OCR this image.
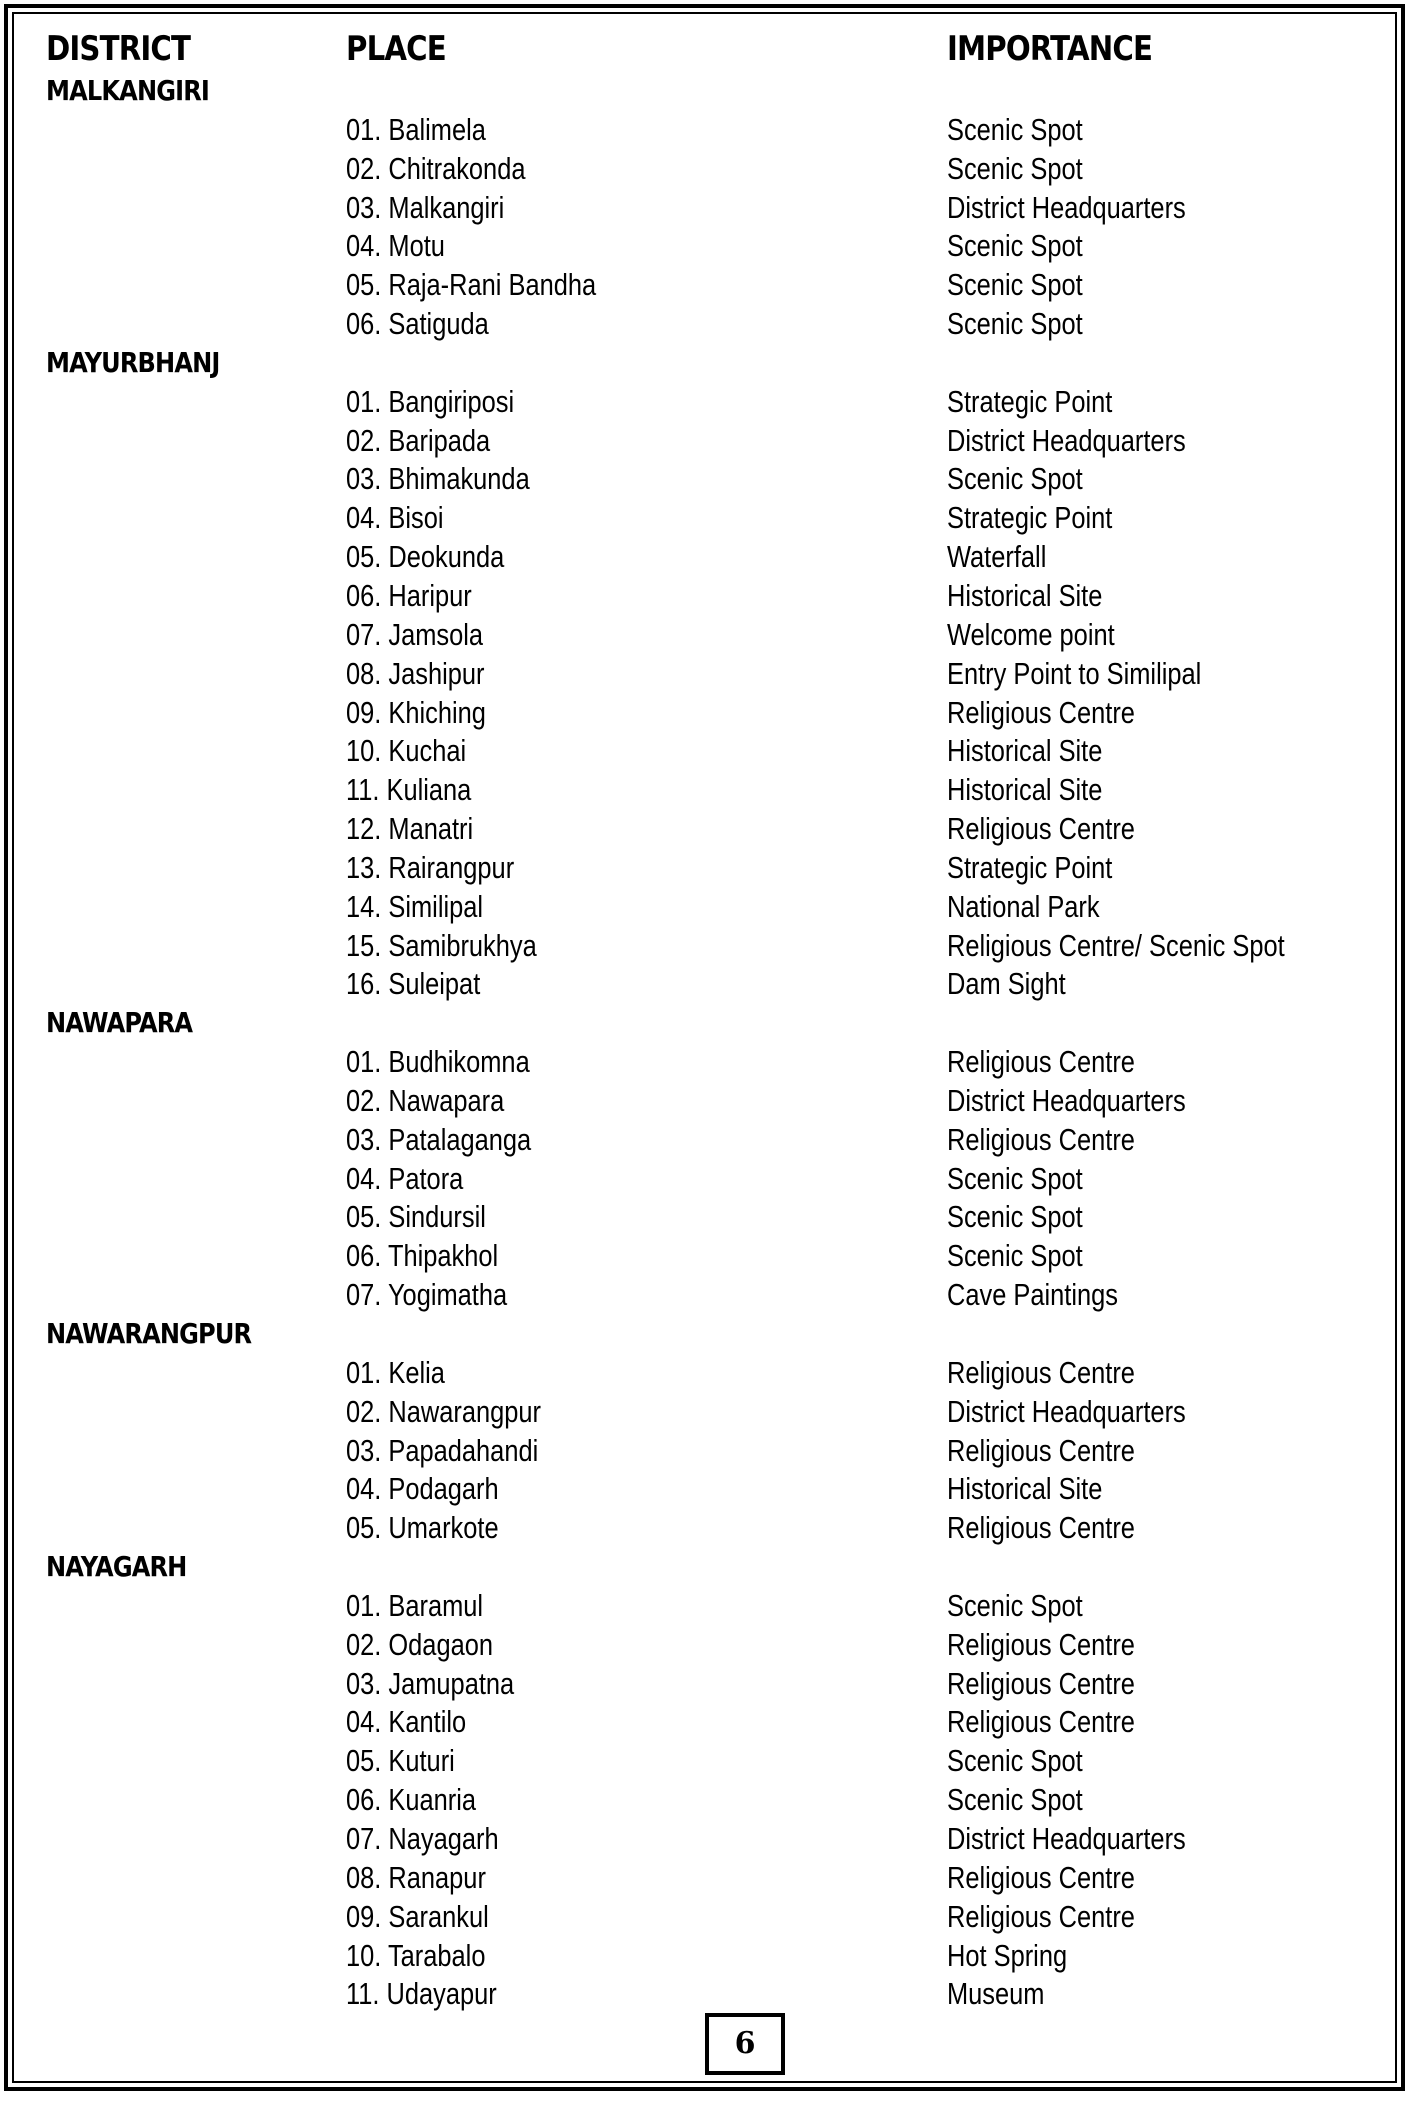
DISTRICT	PLACE	IMPORTANCE
MALKANGIRI
01. Balimela	Scenic Spot
02. Chitrakonda	Scenic Spot
03. Malkangiri	District Headquarters
04. Motu	Scenic Spot
05. Raja-Rani Bandha	Scenic Spot
06. Satiguda	Scenic Spot
MAYURBHANJ
01. Bangiriposi	Strategic Point
02. Baripada	District Headquarters
03. Bhimakunda	Scenic Spot
04. Bisoi	Strategic Point
05. Deokunda	Waterfall
06. Haripur	Historical Site
07. Jamsola	Welcome point
08. Jashipur	Entry Point to Similipal
09. Khiching	Religious Centre
10. Kuchai	Historical Site
11. Kuliana	Historical Site
12. Manatri	Religious Centre
13. Rairangpur	Strategic Point
14. Similipal	National Park
15. Samibrukhya	Religious Centre/ Scenic Spot
16. Suleipat	Dam Sight
NAWAPARA
01. Budhikomna	Religious Centre
02. Nawapara	District Headquarters
03. Patalaganga	Religious Centre
04. Patora	Scenic Spot
05. Sindursil	Scenic Spot
06. Thipakhol	Scenic Spot
07. Yogimatha	Cave Paintings
NAWARANGPUR
01. Kelia	Religious Centre
02. Nawarangpur	District Headquarters
03. Papadahandi	Religious Centre
04. Podagarh	Historical Site
05. Umarkote	Religious Centre
NAYAGARH
01. Baramul	Scenic Spot
02. Odagaon	Religious Centre
03. Jamupatna	Religious Centre
04. Kantilo	Religious Centre
05. Kuturi	Scenic Spot
06. Kuanria	Scenic Spot
07. Nayagarh	District Headquarters
08. Ranapur	Religious Centre
09. Sarankul	Religious Centre
10. Tarabalo	Hot Spring
11. Udayapur	Museum
6
